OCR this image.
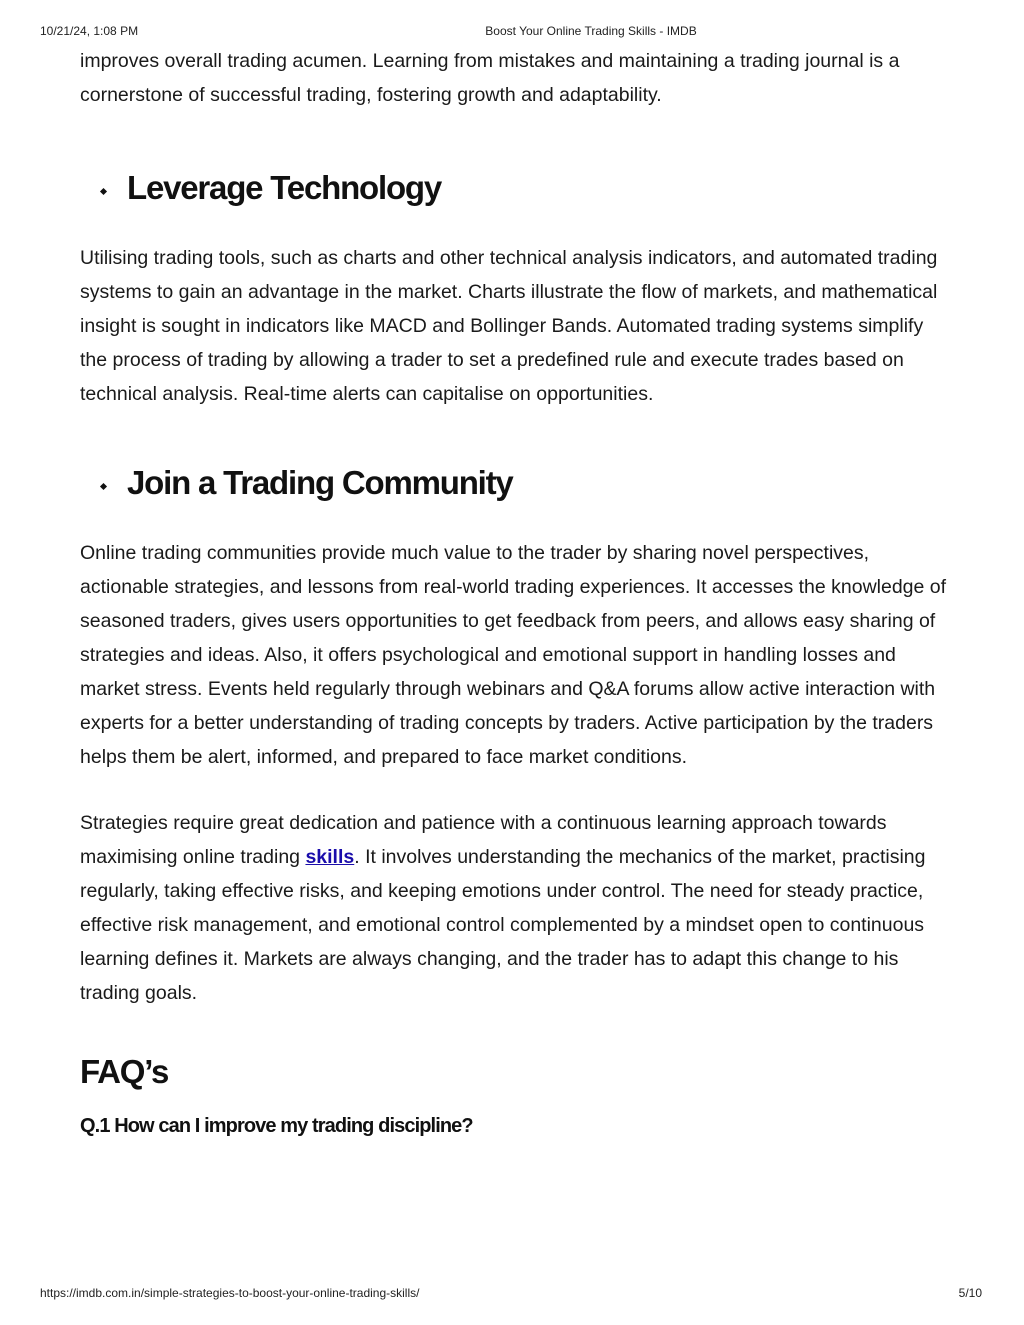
10/21/24, 1:08 PM	Boost Your Online Trading Skills - IMDB

improves overall trading acumen. Learning from mistakes and maintaining a trading journal is a cornerstone of successful trading, fostering growth and adaptability.

Leverage Technology

Utilising trading tools, such as charts and other technical analysis indicators, and automated trading systems to gain an advantage in the market. Charts illustrate the flow of markets, and mathematical insight is sought in indicators like MACD and Bollinger Bands. Automated trading systems simplify the process of trading by allowing a trader to set a predefined rule and execute trades based on technical analysis. Real-time alerts can capitalise on opportunities.

Join a Trading Community

Online trading communities provide much value to the trader by sharing novel perspectives, actionable strategies, and lessons from real-world trading experiences. It accesses the knowledge of seasoned traders, gives users opportunities to get feedback from peers, and allows easy sharing of strategies and ideas. Also, it offers psychological and emotional support in handling losses and market stress. Events held regularly through webinars and Q&A forums allow active interaction with experts for a better understanding of trading concepts by traders. Active participation by the traders helps them be alert, informed, and prepared to face market conditions.

Strategies require great dedication and patience with a continuous learning approach towards maximising online trading skills. It involves understanding the mechanics of the market, practising regularly, taking effective risks, and keeping emotions under control. The need for steady practice, effective risk management, and emotional control complemented by a mindset open to continuous learning defines it. Markets are always changing, and the trader has to adapt this change to his trading goals.

FAQ’s
Q.1 How can I improve my trading discipline?
https://imdb.com.in/simple-strategies-to-boost-your-online-trading-skills/	5/10
